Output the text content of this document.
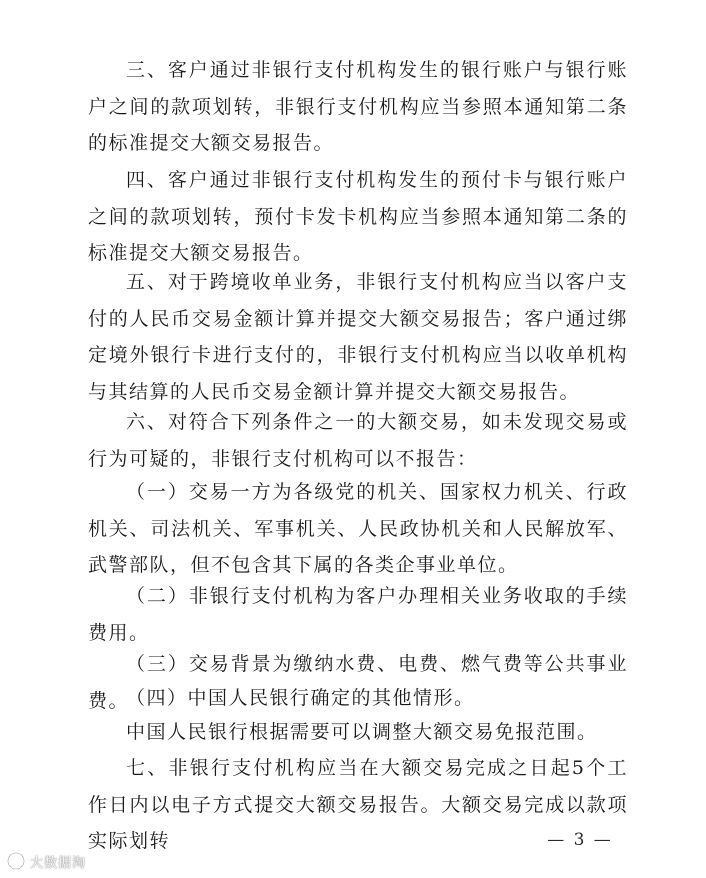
三、客户通过非银行支付机构发生的银行账户与银行账户之间的款项划转，非银行支付机构应当参照本通知第二条的标准提交大额交易报告。

四、客户通过非银行支付机构发生的预付卡与银行账户之间的款项划转，预付卡发卡机构应当参照本通知第二条的标准提交大额交易报告。

五、对于跨境收单业务，非银行支付机构应当以客户支付的人民币交易金额计算并提交大额交易报告；客户通过绑定境外银行卡进行支付的，非银行支付机构应当以收单机构与其结算的人民币交易金额计算并提交大额交易报告。

六、对符合下列条件之一的大额交易，如未发现交易或行为可疑的，非银行支付机构可以不报告：

（一）交易一方为各级党的机关、国家权力机关、行政机关、司法机关、军事机关、人民政协机关和人民解放军、武警部队，但不包含其下属的各类企事业单位。

（二）非银行支付机构为客户办理相关业务收取的手续费用。

（三）交易背景为缴纳水费、电费、燃气费等公共事业费。

（四）中国人民银行确定的其他情形。

中国人民银行根据需要可以调整大额交易免报范围。

七、非银行支付机构应当在大额交易完成之日起5个工作日内以电子方式提交大额交易报告。大额交易完成以款项实际划转	— 3 —
大数据淘
